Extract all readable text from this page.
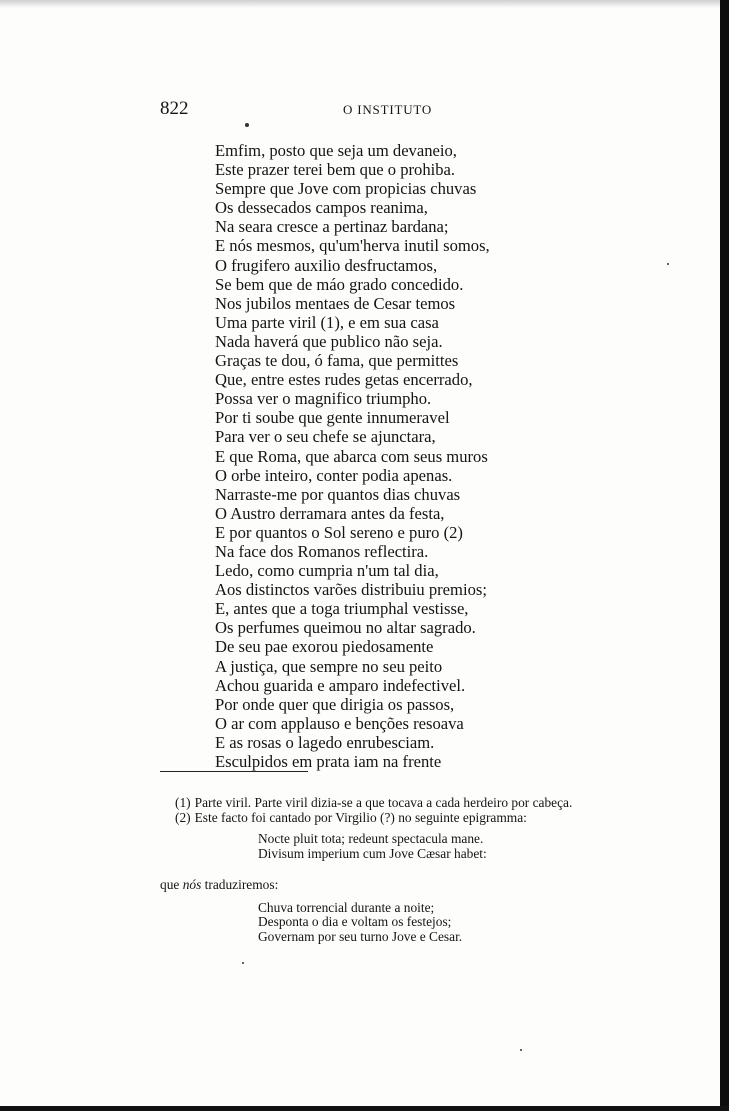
822	O INSTITUTO
Emfim, posto que seja um devaneio,
Este prazer terei bem que o prohiba.
Sempre que Jove com propicias chuvas
Os dessecados campos reanima,
Na seara cresce a pertinaz bardana;
E nós mesmos, qu'um'herva inutil somos,
O frugifero auxilio desfructamos,
Se bem que de máo grado concedido.
Nos jubilos mentaes de Cesar temos
Uma parte viril (1), e em sua casa
Nada haverá que publico não seja.
Graças te dou, ó fama, que permittes
Que, entre estes rudes getas encerrado,
Possa ver o magnifico triumpho.
Por ti soube que gente innumeravel
Para ver o seu chefe se ajunctara,
E que Roma, que abarca com seus muros
O orbe inteiro, conter podia apenas.
Narraste-me por quantos dias chuvas
O Austro derramara antes da festa,
E por quantos o Sol sereno e puro (2)
Na face dos Romanos reflectira.
Ledo, como cumpria n'um tal dia,
Aos distinctos varões distribuiu premios;
E, antes que a toga triumphal vestisse,
Os perfumes queimou no altar sagrado.
De seu pae exorou piedosamente
A justiça, que sempre no seu peito
Achou guarida e amparo indefectivel.
Por onde quer que dirigia os passos,
O ar com applauso e benções resoava
E as rosas o lagedo enrubesciam.
Esculpidos em prata iam na frente

(1) Parte viril. Parte viril dizia-se a que tocava a cada herdeiro por cabeça.

(2) Este facto foi cantado por Virgilio (?) no seguinte epigramma:

Nocte pluit tota; redeunt spectacula mane.
Divisum imperium cum Jove Cæsar habet:

que nós traduziremos:

Chuva torrencial durante a noite;
Desponta o dia e voltam os festejos;
Governam por seu turno Jove e Cesar.
